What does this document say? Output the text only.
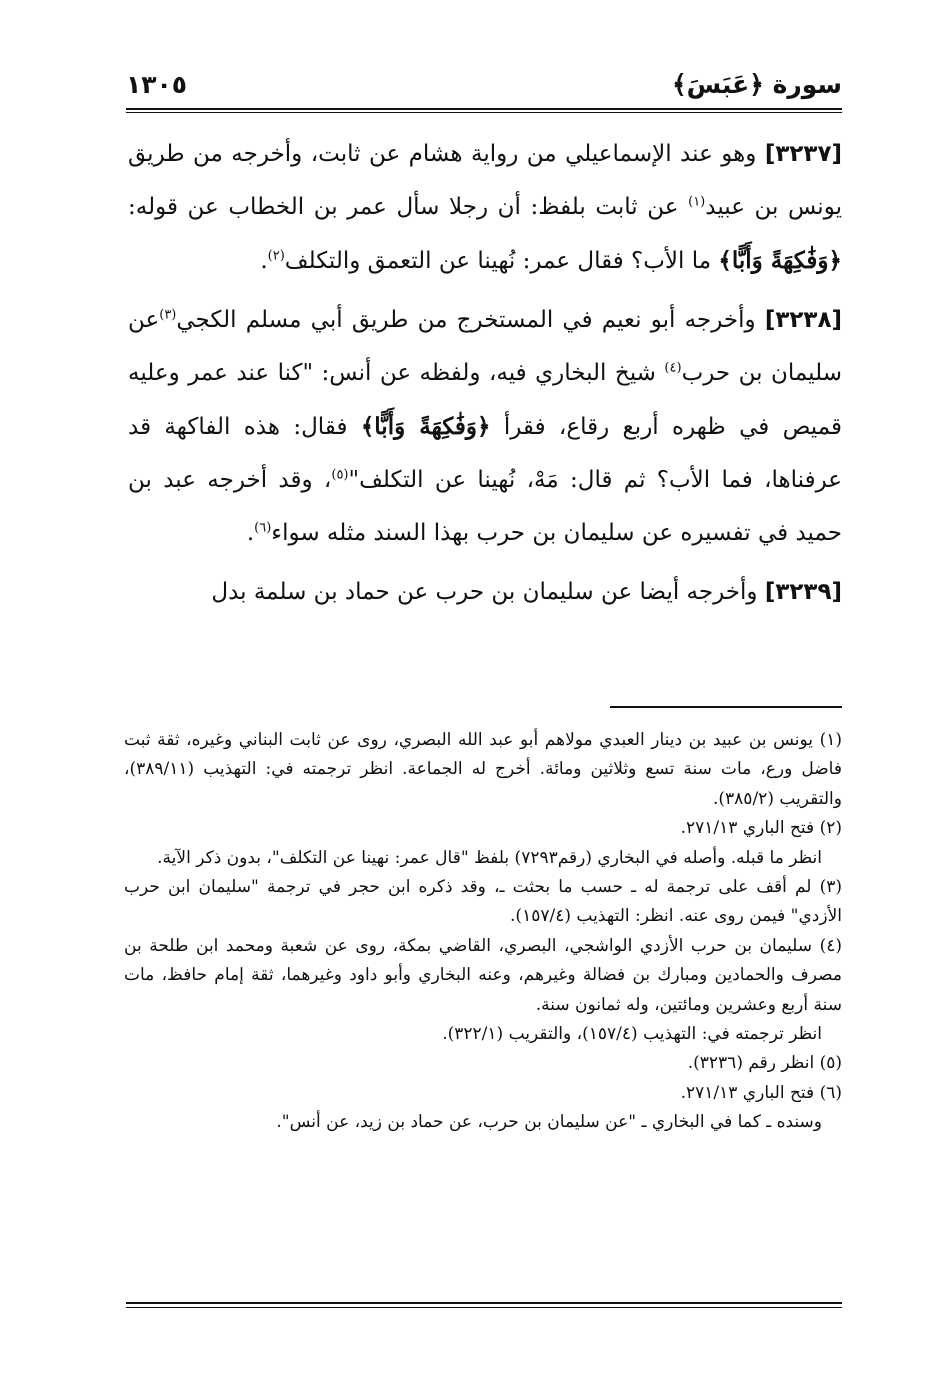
سورة ﴿عَبَسَ﴾
١٣٠٥

[٣٢٣٧] وهو عند الإسماعيلي من رواية هشام عن ثابت، وأخرجه من طريق يونس بن عبيد$^{(١)}$ عن ثابت بلفظ: أن رجلا سأل عمر بن الخطاب عن قوله: ﴿وَفَٰكِهَةً وَأَبًّا﴾ ما الأب؟ فقال عمر: نُهينا عن التعمق والتكلف$^{(٢)}$.

[٣٢٣٨] وأخرجه أبو نعيم في المستخرج من طريق أبي مسلم الكجي$^{(٣)}$عن سليمان بن حرب$^{(٤)}$ شيخ البخاري فيه، ولفظه عن أنس: "كنا عند عمر وعليه قميص في ظهره أربع رقاع، فقرأ ﴿وَفَٰكِهَةً وَأَبًّا﴾ فقال: هذه الفاكهة قد عرفناها، فما الأب؟ ثم قال: مَهْ، نُهينا عن التكلف"$^{(٥)}$، وقد أخرجه عبد بن حميد في تفسيره عن سليمان بن حرب بهذا السند مثله سواء$^{(٦)}$.

[٣٢٣٩] وأخرجه أيضا عن سليمان بن حرب عن حماد بن سلمة بدل

(١) يونس بن عبيد بن دينار العبدي مولاهم أبو عبد الله البصري، روى عن ثابت البناني وغيره، ثقة ثبت فاضل ورع، مات سنة تسع وثلاثين ومائة. أخرج له الجماعة. انظر ترجمته في: التهذيب (٣٨٩/١١)، والتقريب (٣٨٥/٢).

(٢) فتح الباري ٢٧١/١٣.

انظر ما قبله. وأصله في البخاري (رقم٧٢٩٣) بلفظ "قال عمر: نهينا عن التكلف"، بدون ذكر الآية.

(٣) لم أقف على ترجمة له ـ حسب ما بحثت ـ، وقد ذكره ابن حجر في ترجمة "سليمان ابن حرب الأزدي" فيمن روى عنه. انظر: التهذيب (١٥٧/٤).

(٤) سليمان بن حرب الأزدي الواشجي، البصري، القاضي بمكة، روى عن شعبة ومحمد ابن طلحة بن مصرف والحمادين ومبارك بن فضالة وغيرهم، وعنه البخاري وأبو داود وغيرهما، ثقة إمام حافظ، مات سنة أربع وعشرين ومائتين، وله ثمانون سنة.

انظر ترجمته في: التهذيب (١٥٧/٤)، والتقريب (٣٢٢/١).

(٥) انظر رقم (٣٢٣٦).

(٦) فتح الباري ٢٧١/١٣.

وسنده ـ كما في البخاري ـ "عن سليمان بن حرب، عن حماد بن زيد، عن أنس".
